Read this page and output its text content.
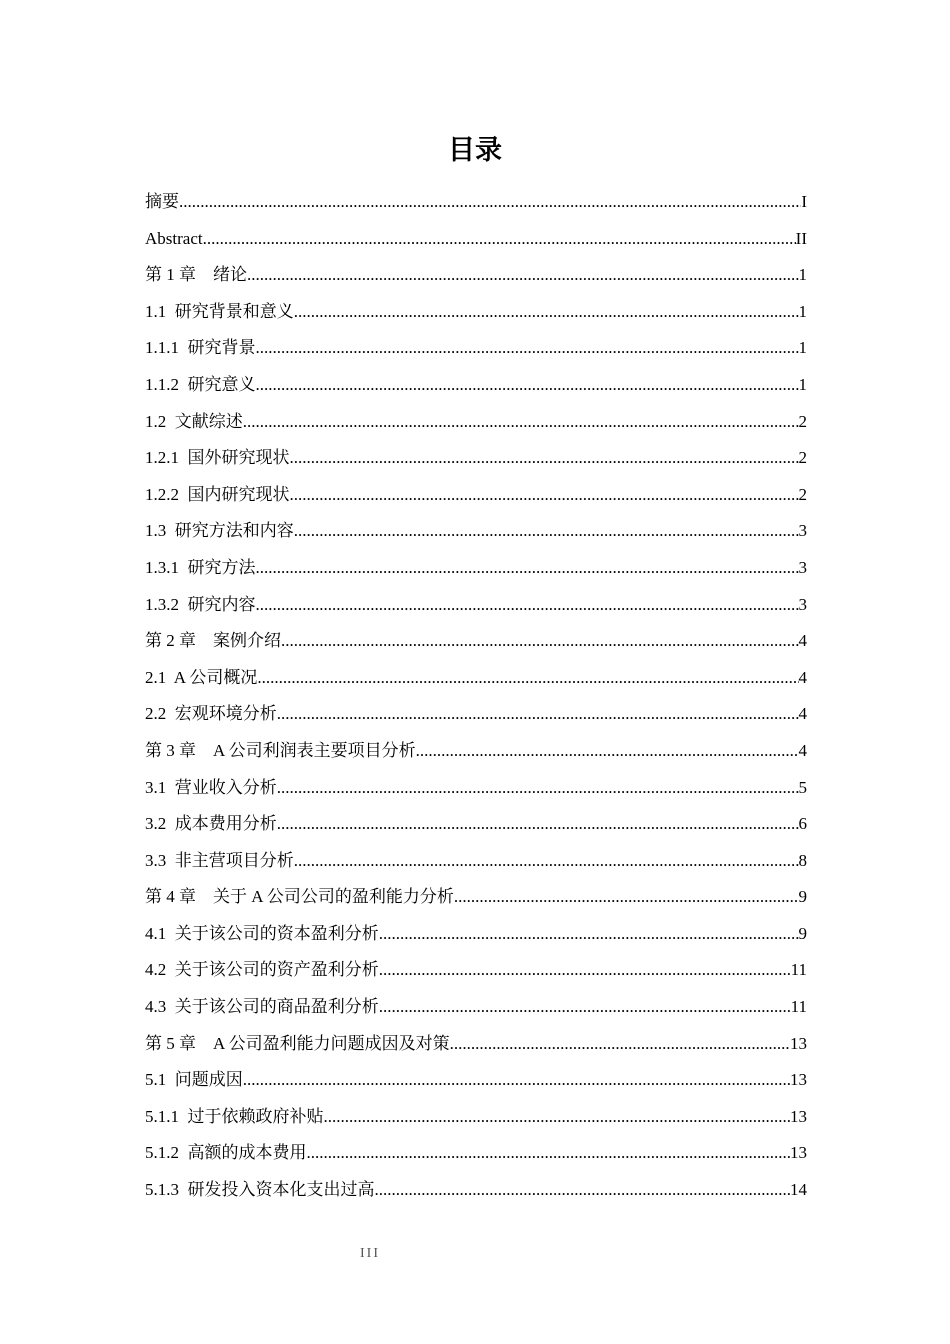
目录
摘要 .....	I
Abstract .....	II
第 1 章　绪论 .....	1
1.1  研究背景和意义 .....	1
1.1.1  研究背景 .....	1
1.1.2  研究意义 .....	1
1.2  文献综述 .....	2
1.2.1  国外研究现状 .....	2
1.2.2  国内研究现状 .....	2
1.3  研究方法和内容 .....	3
1.3.1  研究方法 .....	3
1.3.2  研究内容 .....	3
第 2 章　案例介绍 .....	4
2.1  A 公司概况 .....	4
2.2  宏观环境分析 .....	4
第 3 章　A 公司利润表主要项目分析 .....	4
3.1  营业收入分析 .....	5
3.2  成本费用分析 .....	6
3.3  非主营项目分析 .....	8
第 4 章　关于 A 公司公司的盈利能力分析 .....	9
4.1  关于该公司的资本盈利分析 .....	9
4.2  关于该公司的资产盈利分析 .....	11
4.3  关于该公司的商品盈利分析 .....	11
第 5 章　A 公司盈利能力问题成因及对策 .....	13
5.1  问题成因 .....	13
5.1.1  过于依赖政府补贴 .....	13
5.1.2  高额的成本费用 .....	13
5.1.3  研发投入资本化支出过高 .....	14
III
